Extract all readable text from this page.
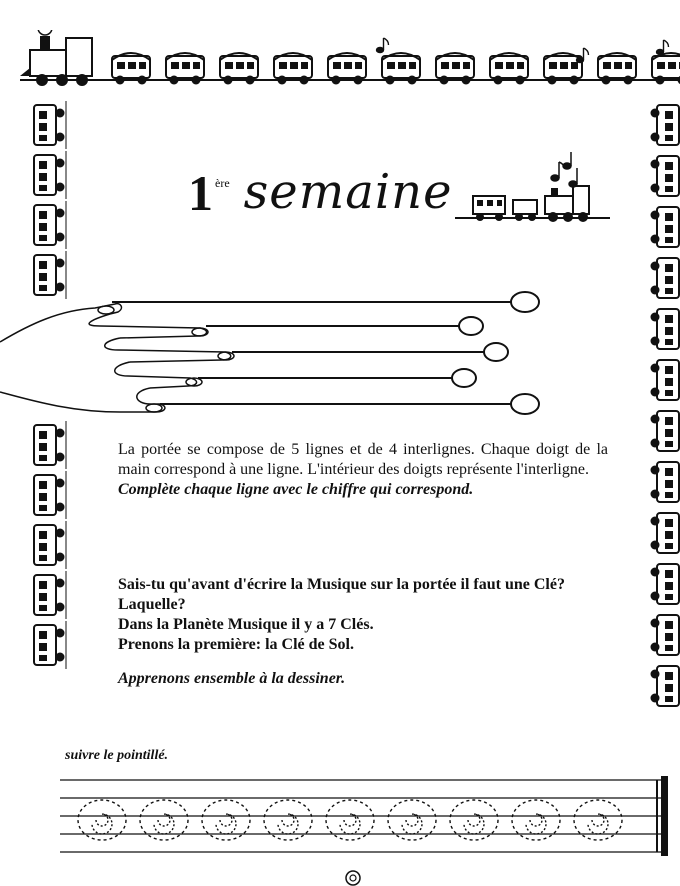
1 ère semaine

La portée se compose de 5 lignes et de 4 interlignes. Chaque doigt de la main correspond à une ligne. L'intérieur des doigts représente l'interligne.
Complète chaque ligne avec le chiffre qui correspond.

Sais-tu qu'avant d'écrire la Musique sur la portée il faut une Clé?
Laquelle?
Dans la Planète Musique il y a 7 Clés.
Prenons la première: la Clé de Sol.
Apprenons ensemble à la dessiner.
suivre le pointillé.
